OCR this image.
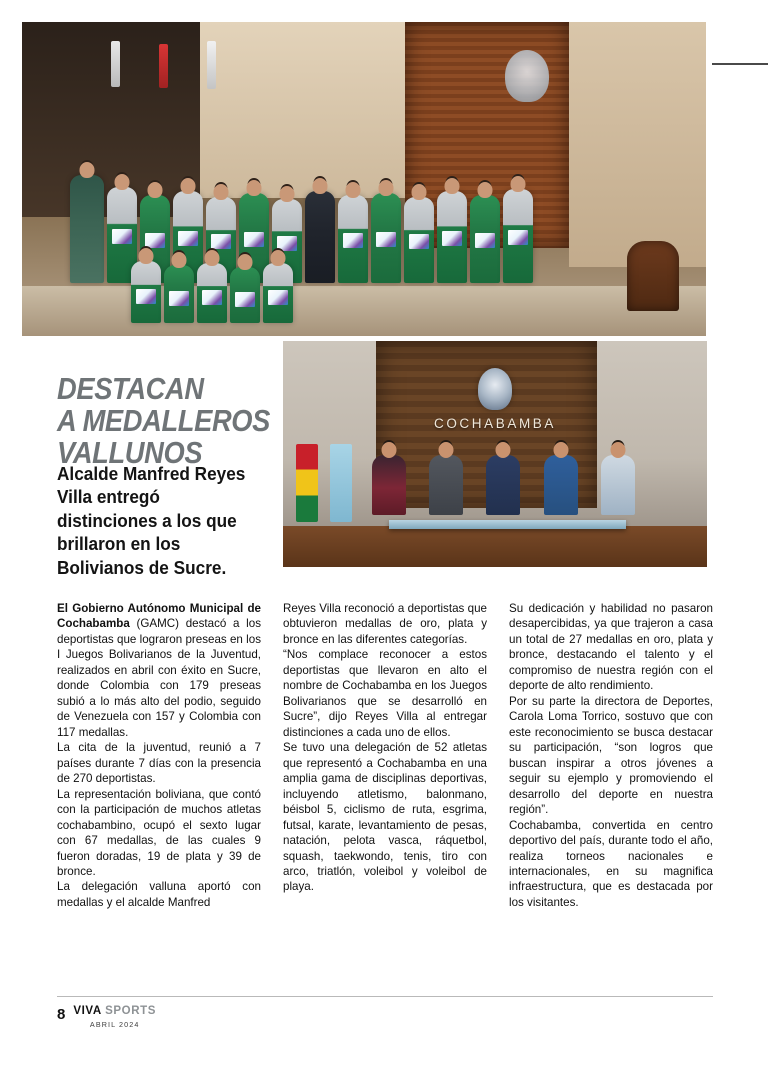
DESTACAN
A MEDALLEROS
VALLUNOS
Alcalde Manfred Reyes Villa entregó distinciones a los que brillaron en los Bolivianos de Sucre.
COCHABAMBA

El Gobierno Autónomo Municipal de Cochabamba (GAMC) destacó a los deportistas que lograron preseas en los I Juegos Bolivarianos de la Juventud, realizados en abril con éxito en Sucre, donde Colombia con 179 preseas subió a lo más alto del podio, seguido de Venezuela con 157 y Colombia con 117 medallas.

La cita de la juventud, reunió a 7 países durante 7 días con la presencia de 270 deportistas.

La representación boliviana, que contó con la participación de muchos atletas cochabambino, ocupó el sexto lugar con 67 medallas, de las cuales 9 fueron doradas, 19 de plata y 39 de bronce.

La delegación valluna aportó con medallas y el alcalde Manfred

Reyes Villa reconoció a deportistas que obtuvieron medallas de oro, plata y bronce en las diferentes categorías.

“Nos complace reconocer a estos deportistas que llevaron en alto el nombre de Cochabamba en los Juegos Bolivarianos que se desarrolló en Sucre”, dijo Reyes Villa al entregar distinciones a cada uno de ellos.

Se tuvo una delegación de 52 atletas que representó a Cochabamba en una amplia gama de disciplinas deportivas, incluyendo atletismo, balonmano, béisbol 5, ciclismo de ruta, esgrima, futsal, karate, levantamiento de pesas, natación, pelota vasca, ráquetbol, squash, taekwondo, tenis, tiro con arco, triatlón, voleibol y voleibol de playa.

Su dedicación y habilidad no pasaron desapercibidas, ya que trajeron a casa un total de 27 medallas en oro, plata y bronce, destacando el talento y el compromiso de nuestra región con el deporte de alto rendimiento.

Por su parte la directora de Deportes, Carola Loma Torrico, sostuvo que con este reconocimiento se busca destacar su participación, “son logros que buscan inspirar a otros jóvenes a seguir su ejemplo y promoviendo el desarrollo del deporte en nuestra región”.

Cochabamba, convertida en centro deportivo del país, durante todo el año, realiza torneos nacionales e internacionales, en su magnifica infraestructura, que es destacada por los visitantes.

8 VIVA SPORTS
ABRIL 2024
